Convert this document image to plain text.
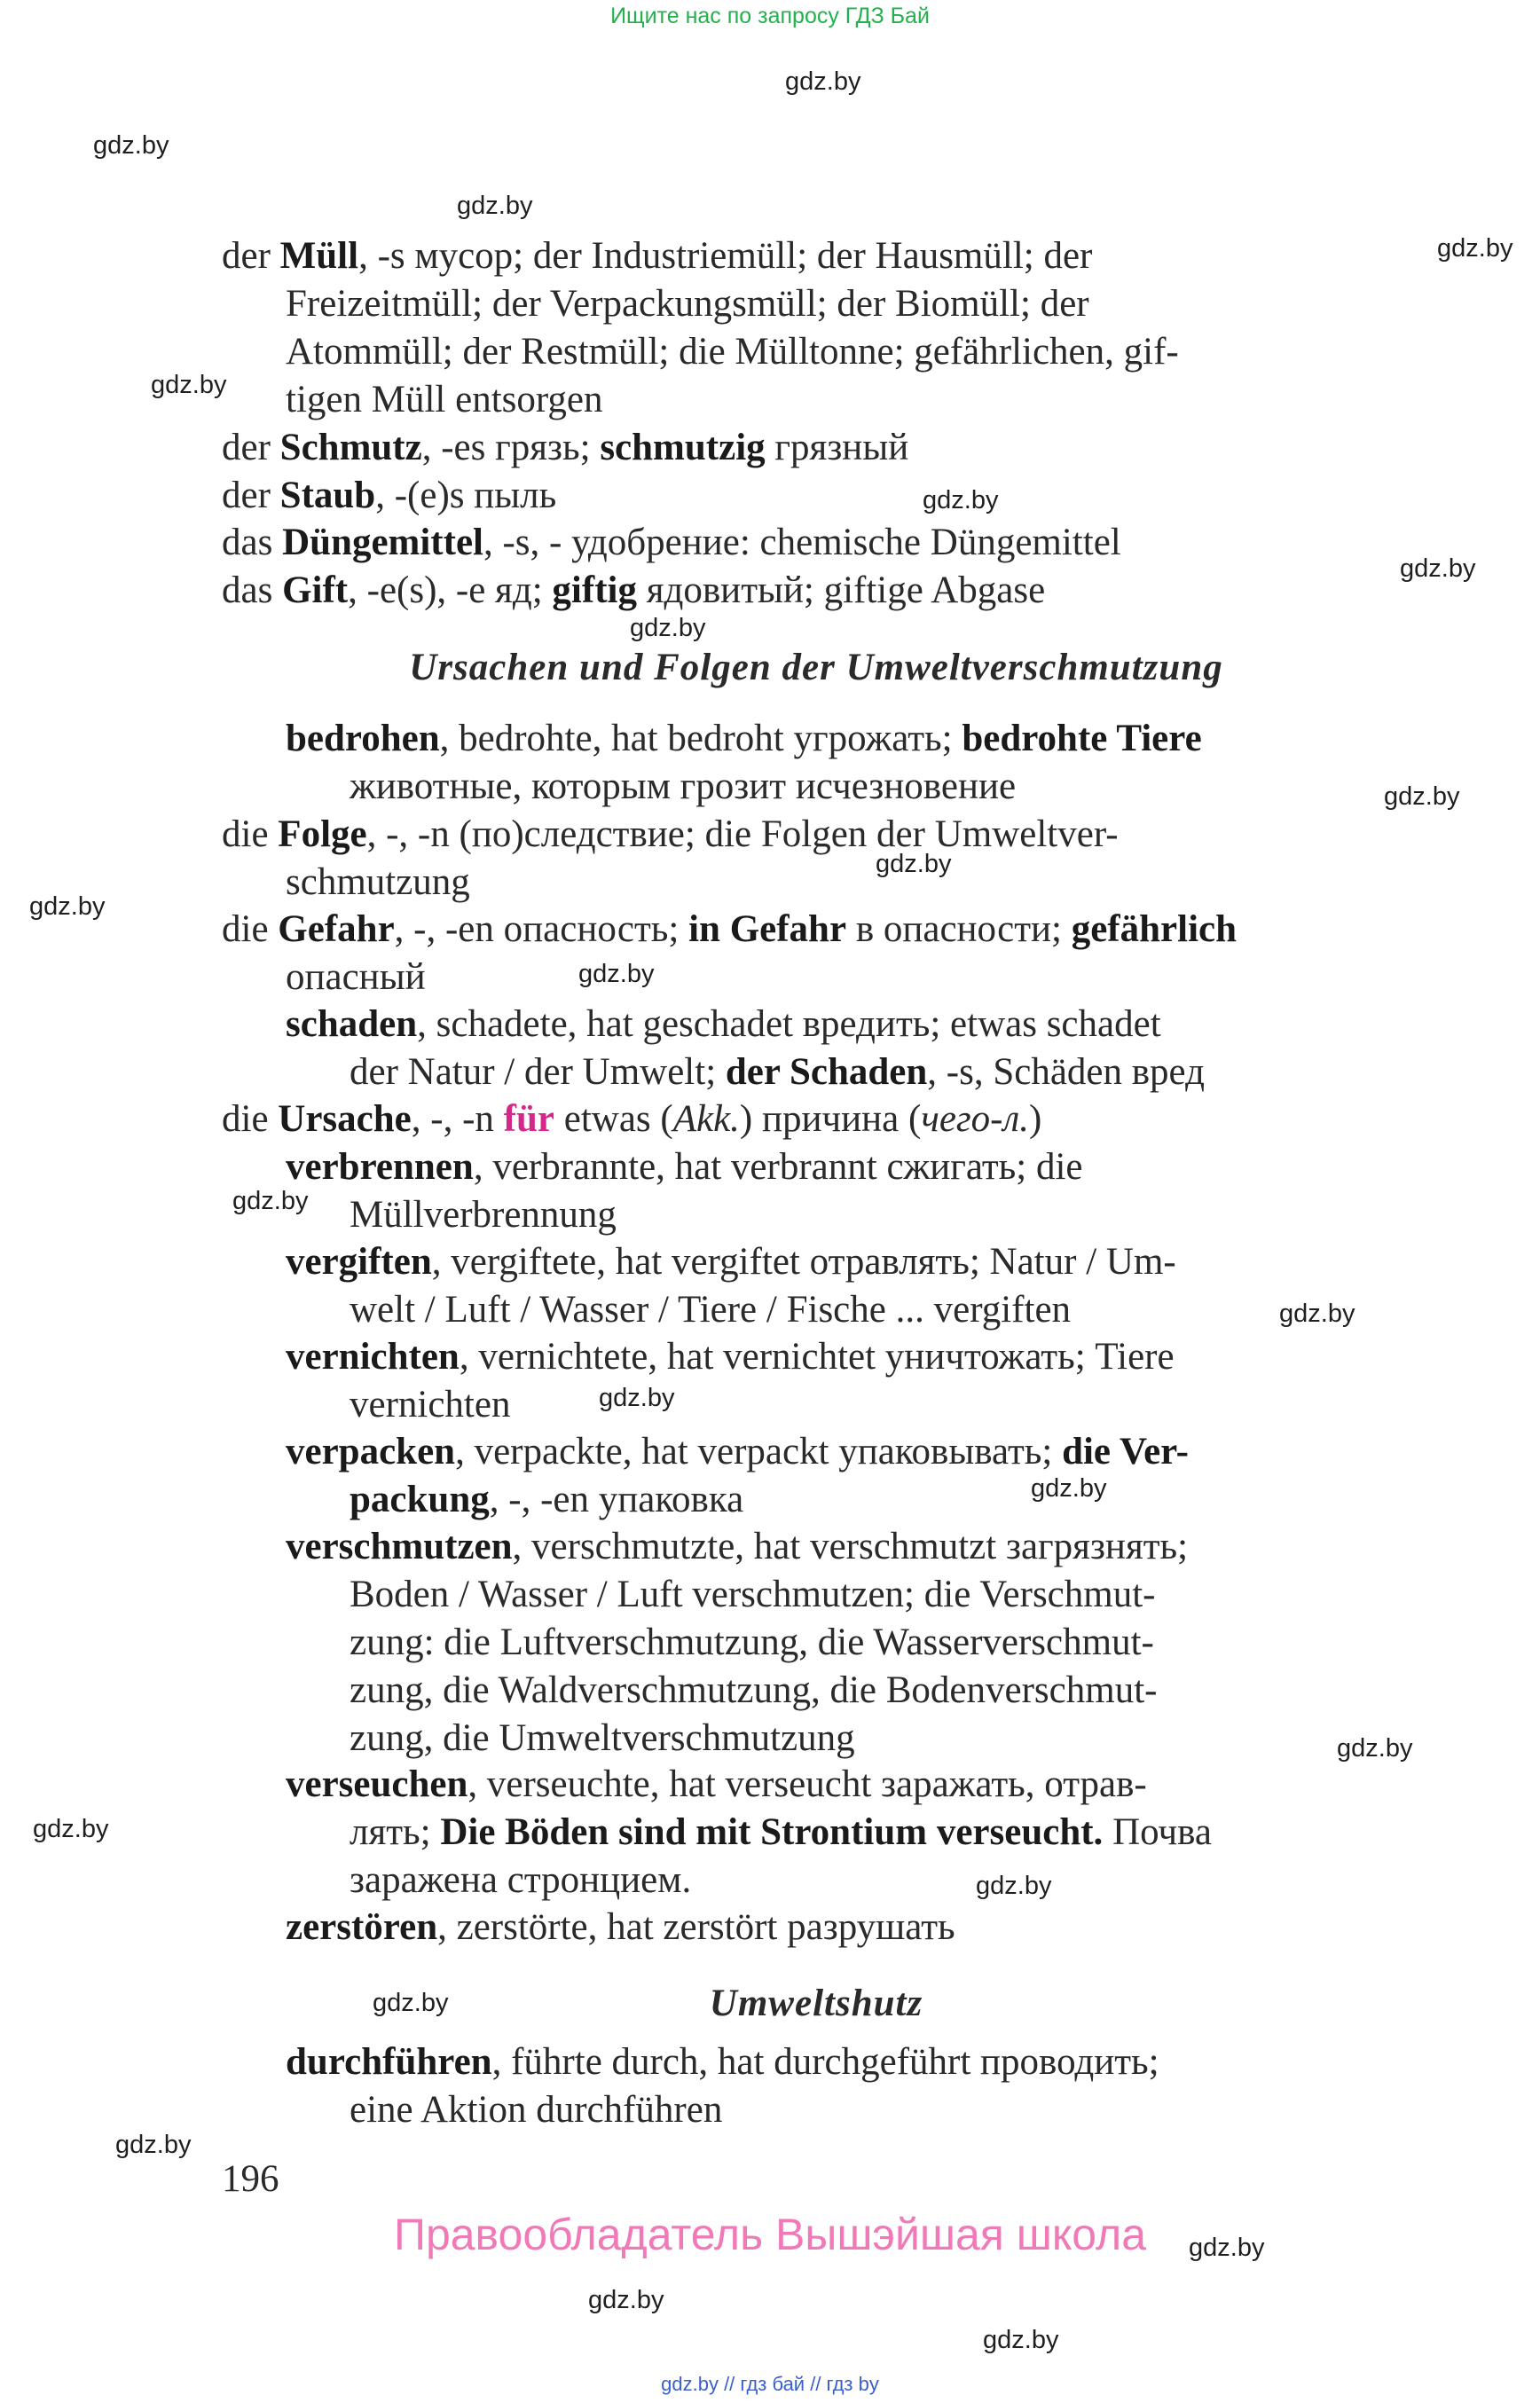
Ищите нас по запросу ГДЗ Бай
gdz.by
gdz.by
gdz.by
gdz.by
gdz.by
gdz.by
gdz.by
gdz.by
gdz.by
gdz.by
gdz.by
gdz.by
gdz.by
gdz.by
gdz.by
gdz.by
gdz.by
gdz.by
gdz.by
gdz.by
gdz.by
gdz.by
gdz.by
gdz.by
der Müll, -s мусор; der Industriemüll; der Hausmüll; der
Freizeitmüll; der Verpackungsmüll; der Biomüll; der
Atommüll; der Restmüll; die Mülltonne; gefährlichen, gif-
tigen Müll entsorgen
der Schmutz, -es грязь; schmutzig грязный
der Staub, -(e)s пыль
das Düngemittel, -s, - удобрение: chemische Düngemittel
das Gift, -e(s), -e яд; giftig ядовитый; giftige Abgase
Ursachen und Folgen der Umweltverschmutzung
bedrohen, bedrohte, hat bedroht угрожать; bedrohte Tiere
животные, которым грозит исчезновение
die Folge, -, -n (по)следствие; die Folgen der Umweltver-
schmutzung
die Gefahr, -, -en опасность; in Gefahr в опасности; gefährlich
опасный
schaden, schadete, hat geschadet вредить; etwas schadet
der Natur / der Umwelt; der Schaden, -s, Schäden вред
die Ursache, -, -n für etwas (Akk.) причина (чего-л.)
verbrennen, verbrannte, hat verbrannt сжигать; die
Müllverbrennung
vergiften, vergiftete, hat vergiftet отравлять; Natur / Um-
welt / Luft / Wasser / Tiere / Fische ... vergiften
vernichten, vernichtete, hat vernichtet уничтожать; Tiere
vernichten
verpacken, verpackte, hat verpackt упаковывать; die Ver-
packung, -, -en упаковка
verschmutzen, verschmutzte, hat verschmutzt загрязнять;
Boden / Wasser / Luft verschmutzen; die Verschmut-
zung: die Luftverschmutzung, die Wasserverschmut-
zung, die Waldverschmutzung, die Bodenverschmut-
zung, die Umweltverschmutzung
verseuchen, verseuchte, hat verseucht заражать, отрав-
лять; Die Böden sind mit Strontium verseucht. Почва
заражена стронцием.
zerstören, zerstörte, hat zerstört разрушать
Umweltshutz
durchführen, führte durch, hat durchgeführt проводить;
eine Aktion durchführen
196
Правообладатель Вышэйшая школа
gdz.by // гдз бай // гдз by
